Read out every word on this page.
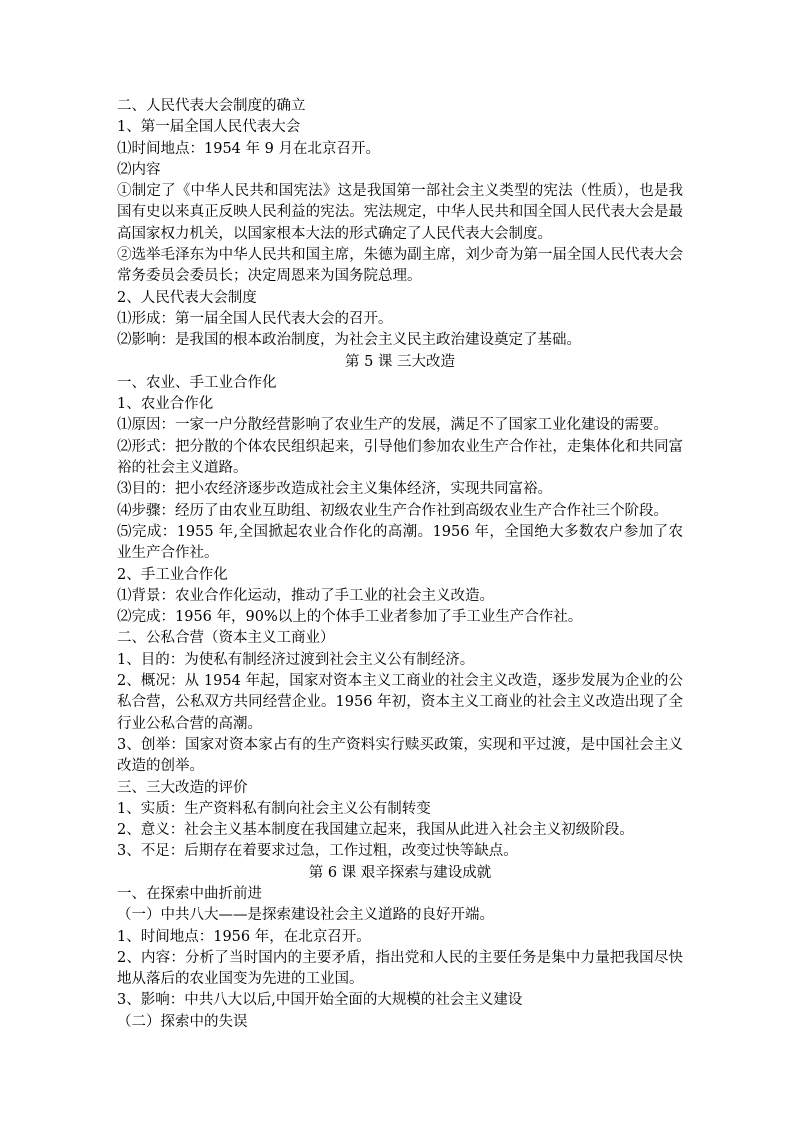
二、人民代表大会制度的确立
1、第一届全国人民代表大会
⑴时间地点：1954 年 9 月在北京召开。
⑵内容
①制定了《中华人民共和国宪法》这是我国第一部社会主义类型的宪法（性质），也是我国有史以来真正反映人民利益的宪法。宪法规定，中华人民共和国全国人民代表大会是最高国家权力机关，以国家根本大法的形式确定了人民代表大会制度。
②选举毛泽东为中华人民共和国主席，朱德为副主席，刘少奇为第一届全国人民代表大会常务委员会委员长；决定周恩来为国务院总理。
2、人民代表大会制度
⑴形成：第一届全国人民代表大会的召开。
⑵影响：是我国的根本政治制度，为社会主义民主政治建设奠定了基础。
第 5 课 三大改造
一、农业、手工业合作化
1、农业合作化
⑴原因：一家一户分散经营影响了农业生产的发展，满足不了国家工业化建设的需要。
⑵形式：把分散的个体农民组织起来，引导他们参加农业生产合作社，走集体化和共同富裕的社会主义道路。
⑶目的：把小农经济逐步改造成社会主义集体经济，实现共同富裕。
⑷步骤：经历了由农业互助组、初级农业生产合作社到高级农业生产合作社三个阶段。
⑸完成：1955 年,全国掀起农业合作化的高潮。1956 年，全国绝大多数农户参加了农业生产合作社。
2、手工业合作化
⑴背景：农业合作化运动，推动了手工业的社会主义改造。
⑵完成：1956 年，90%以上的个体手工业者参加了手工业生产合作社。
二、公私合营（资本主义工商业）
1、目的：为使私有制经济过渡到社会主义公有制经济。
2、概况：从 1954 年起，国家对资本主义工商业的社会主义改造，逐步发展为企业的公私合营，公私双方共同经营企业。1956 年初，资本主义工商业的社会主义改造出现了全行业公私合营的高潮。
3、创举：国家对资本家占有的生产资料实行赎买政策，实现和平过渡，是中国社会主义改造的创举。
三、三大改造的评价
1、实质：生产资料私有制向社会主义公有制转变
2、意义：社会主义基本制度在我国建立起来，我国从此进入社会主义初级阶段。
3、不足：后期存在着要求过急，工作过粗，改变过快等缺点。
第 6 课 艰辛探索与建设成就
一、在探索中曲折前进
（一）中共八大——是探索建设社会主义道路的良好开端。
1、时间地点：1956 年，在北京召开。
2、内容：分析了当时国内的主要矛盾，指出党和人民的主要任务是集中力量把我国尽快地从落后的农业国变为先进的工业国。
3、影响：中共八大以后,中国开始全面的大规模的社会主义建设
（二）探索中的失误
